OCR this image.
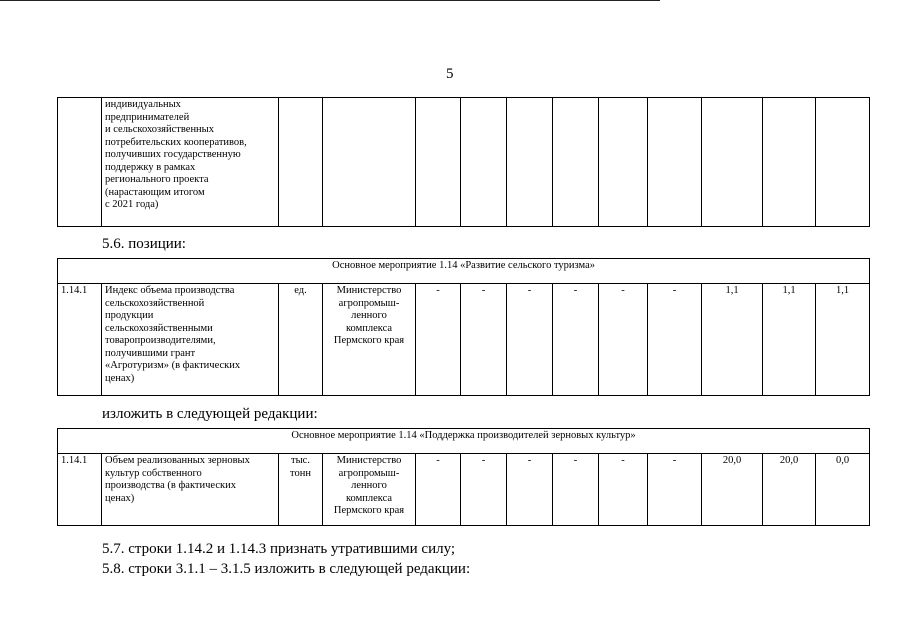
5
	индивидуальных
предпринимателей
и сельскохозяйственных
потребительских кооперативов,
получивших государственную
поддержку в рамках
регионального проекта
(нарастающим итогом
с 2021 года)											
5.6. позиции:
Основное мероприятие 1.14 «Развитие сельского туризма»
1.14.1	Индекс объема производства
сельскохозяйственной
продукции
сельскохозяйственными
товаропроизводителями,
получившими грант
«Агротуризм» (в фактических
ценах)	ед.	Министерство
агропромыш-
ленного
комплекса
Пермского края	-	-	-	-	-	-	1,1	1,1	1,1
изложить в следующей редакции:
Основное мероприятие 1.14 «Поддержка производителей зерновых культур»
1.14.1	Объем реализованных зерновых
культур собственного
производства (в фактических
ценах)	тыс.
тонн	Министерство
агропромыш-
ленного
комплекса
Пермского края	-	-	-	-	-	-	20,0	20,0	0,0
5.7. строки 1.14.2 и 1.14.3 признать утратившими силу;
5.8. строки 3.1.1 – 3.1.5 изложить в следующей редакции:
